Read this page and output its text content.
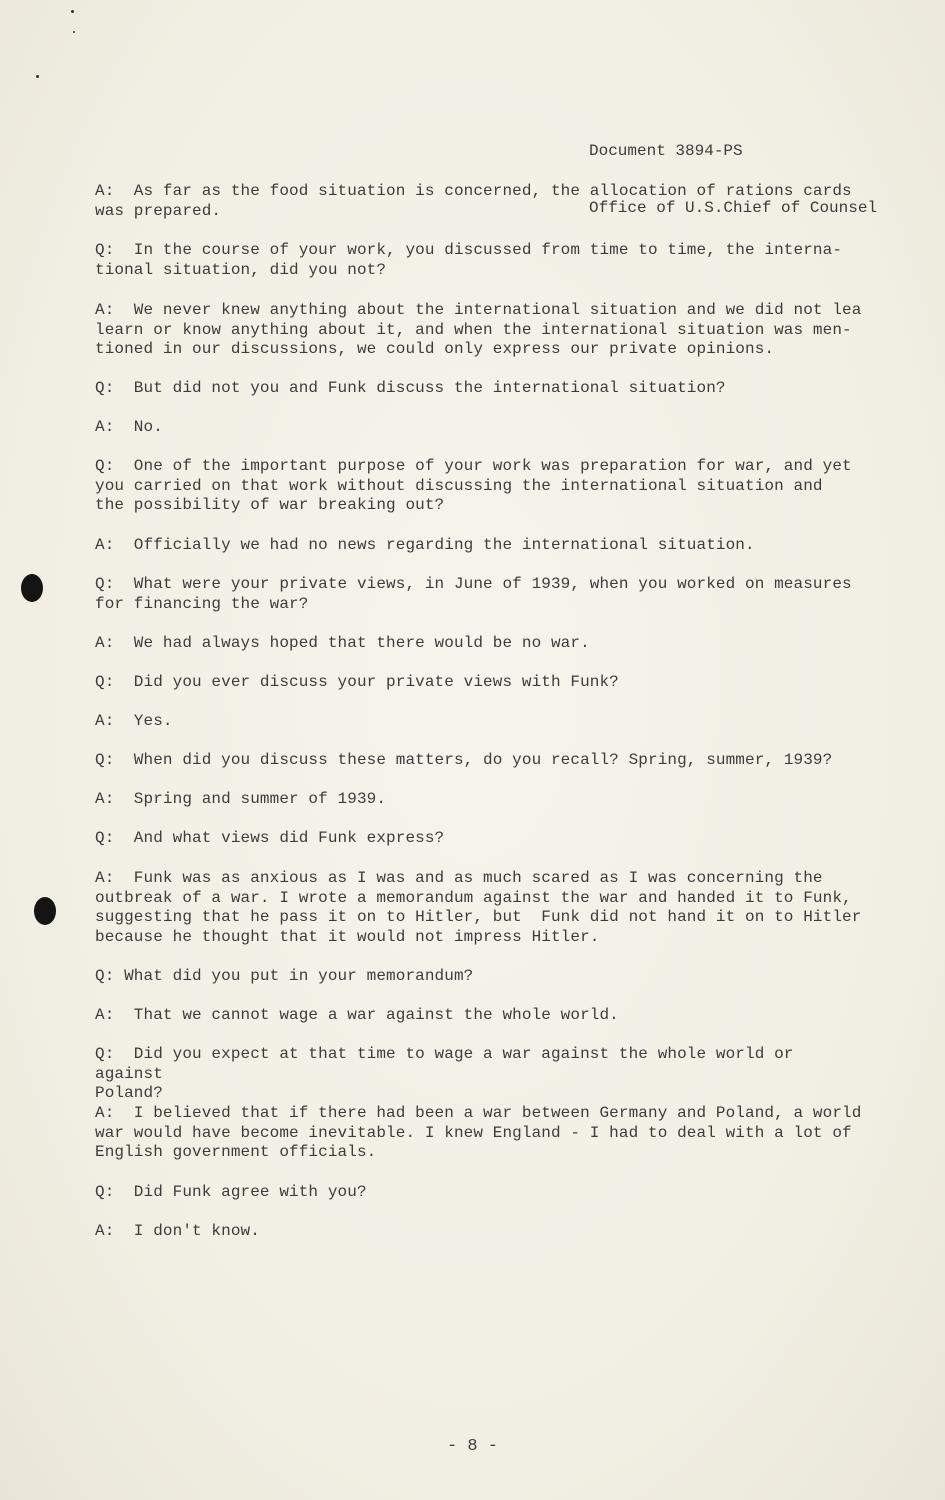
Document 3894-PS

Office of U.S.Chief of Counsel

A:  As far as the food situation is concerned, the allocation of rations cards
was prepared.
Q:  In the course of your work, you discussed from time to time, the interna-
tional situation, did you not?
A:  We never knew anything about the international situation and we did not lea
learn or know anything about it, and when the international situation was men-
tioned in our discussions, we could only express our private opinions.
Q:  But did not you and Funk discuss the international situation?
A:  No.
Q:  One of the important purpose of your work was preparation for war, and yet
you carried on that work without discussing the international situation and
the possibility of war breaking out?
A:  Officially we had no news regarding the international situation.
Q:  What were your private views, in June of 1939, when you worked on measures
for financing the war?
A:  We had always hoped that there would be no war.
Q:  Did you ever discuss your private views with Funk?
A:  Yes.
Q:  When did you discuss these matters, do you recall? Spring, summer, 1939?
A:  Spring and summer of 1939.
Q:  And what views did Funk express?
A:  Funk was as anxious as I was and as much scared as I was concerning the
outbreak of a war. I wrote a memorandum against the war and handed it to Funk,
suggesting that he pass it on to Hitler, but  Funk did not hand it on to Hitler
because he thought that it would not impress Hitler.
Q: What did you put in your memorandum?
A:  That we cannot wage a war against the whole world.
Q:  Did you expect at that time to wage a war against the whole world or against
Poland?
A:  I believed that if there had been a war between Germany and Poland, a world
war would have become inevitable. I knew England - I had to deal with a lot of
English government officials.
Q:  Did Funk agree with you?
A:  I don't know.
- 8 -
